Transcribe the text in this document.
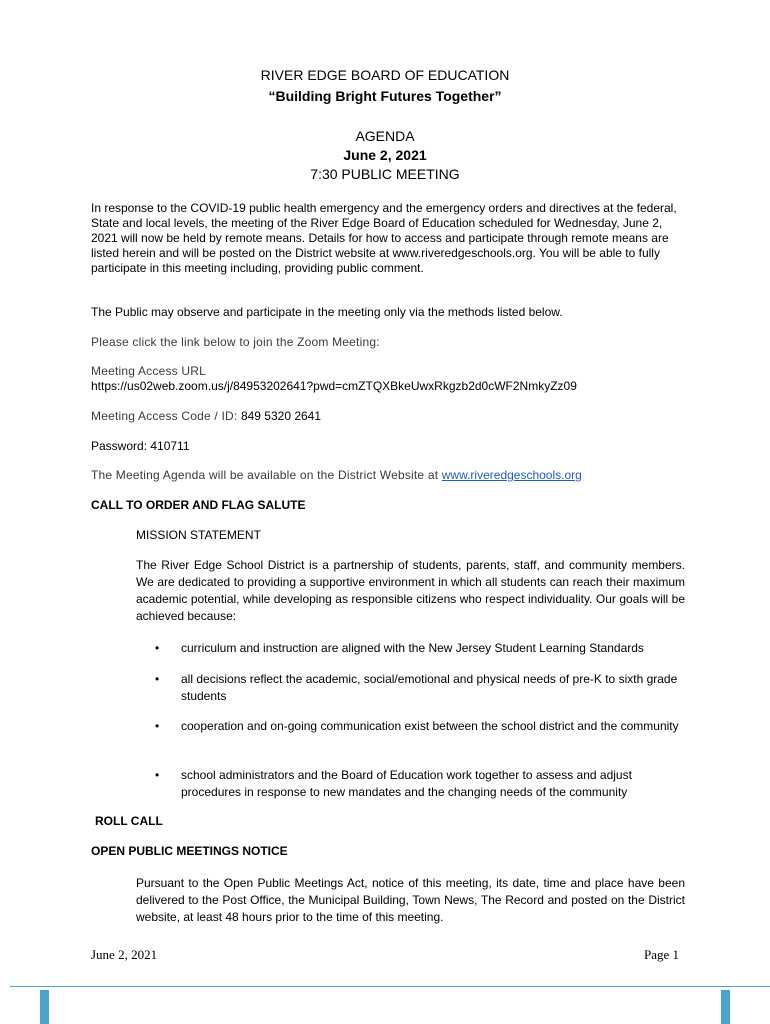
RIVER EDGE BOARD OF EDUCATION
“Building Bright Futures Together”
AGENDA
June 2, 2021
7:30 PUBLIC MEETING

In response to the COVID-19 public health emergency and the emergency orders and directives at the federal, State and local levels, the meeting of the River Edge Board of Education scheduled for Wednesday, June 2, 2021 will now be held by remote means. Details for how to access and participate through remote means are listed herein and will be posted on the District website at www.riveredgeschools.org. You will be able to fully participate in this meeting including, providing public comment.

The Public may observe and participate in the meeting only via the methods listed below.

Please click the link below to join the Zoom Meeting:

Meeting Access URL

https://us02web.zoom.us/j/84953202641?pwd=cmZTQXBkeUwxRkgzb2d0cWF2NmkyZz09

Meeting Access Code / ID: 849 5320 2641

Password: 410711

The Meeting Agenda will be available on the District Website at www.riveredgeschools.org

CALL TO ORDER AND FLAG SALUTE

MISSION STATEMENT

The River Edge School District is a partnership of students, parents, staff, and community members. We are dedicated to providing a supportive environment in which all students can reach their maximum academic potential, while developing as responsible citizens who respect individuality. Our goals will be achieved because:

• curriculum and instruction are aligned with the New Jersey Student Learning Standards
• all decisions reflect the academic, social/emotional and physical needs of pre-K to sixth grade students
• cooperation and on-going communication exist between the school district and the community
• school administrators and the Board of Education work together to assess and adjust procedures in response to new mandates and the changing needs of the community

ROLL CALL

OPEN PUBLIC MEETINGS NOTICE

Pursuant to the Open Public Meetings Act, notice of this meeting, its date, time and place have been delivered to the Post Office, the Municipal Building, Town News, The Record and posted on the District website, at least 48 hours prior to the time of this meeting.

June 2, 2021	Page 1
